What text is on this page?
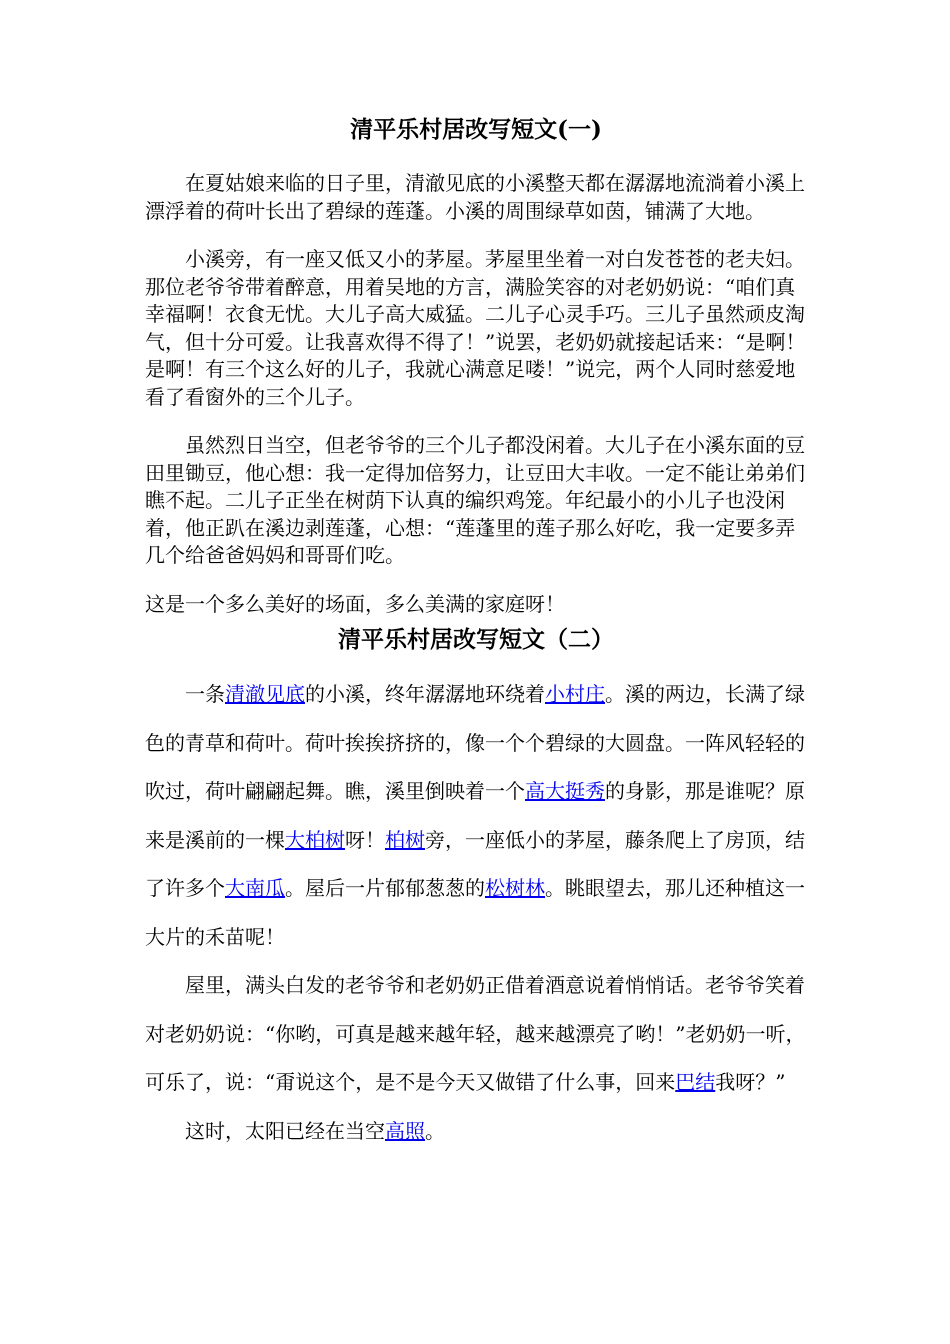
清平乐村居改写短文(一)

在夏姑娘来临的日子里，清澈见底的小溪整天都在潺潺地流淌着小溪上漂浮着的荷叶长出了碧绿的莲蓬。小溪的周围绿草如茵，铺满了大地。

小溪旁，有一座又低又小的茅屋。茅屋里坐着一对白发苍苍的老夫妇。那位老爷爷带着醉意，用着吴地的方言，满脸笑容的对老奶奶说：“咱们真幸福啊！衣食无忧。大儿子高大威猛。二儿子心灵手巧。三儿子虽然顽皮淘气，但十分可爱。让我喜欢得不得了！”说罢，老奶奶就接起话来：“是啊！是啊！有三个这么好的儿子，我就心满意足喽！”说完，两个人同时慈爱地看了看窗外的三个儿子。

虽然烈日当空，但老爷爷的三个儿子都没闲着。大儿子在小溪东面的豆田里锄豆，他心想：我一定得加倍努力，让豆田大丰收。一定不能让弟弟们瞧不起。二儿子正坐在树荫下认真的编织鸡笼。年纪最小的小儿子也没闲着，他正趴在溪边剥莲蓬，心想：“莲蓬里的莲子那么好吃，我一定要多弄几个给爸爸妈妈和哥哥们吃。

这是一个多么美好的场面，多么美满的家庭呀！

清平乐村居改写短文（二）

一条清澈见底的小溪，终年潺潺地环绕着小村庄。溪的两边，长满了绿色的青草和荷叶。荷叶挨挨挤挤的，像一个个碧绿的大圆盘。一阵风轻轻的吹过，荷叶翩翩起舞。瞧，溪里倒映着一个高大挺秀的身影，那是谁呢？原来是溪前的一棵大柏树呀！柏树旁，一座低小的茅屋，藤条爬上了房顶，结了许多个大南瓜。屋后一片郁郁葱葱的松树林。眺眼望去，那儿还种植这一大片的禾苗呢！

屋里，满头白发的老爷爷和老奶奶正借着酒意说着悄悄话。老爷爷笑着对老奶奶说：“你哟，可真是越来越年轻，越来越漂亮了哟！”老奶奶一听，可乐了，说：“甭说这个，是不是今天又做错了什么事，回来巴结我呀？”

这时，太阳已经在当空高照。
